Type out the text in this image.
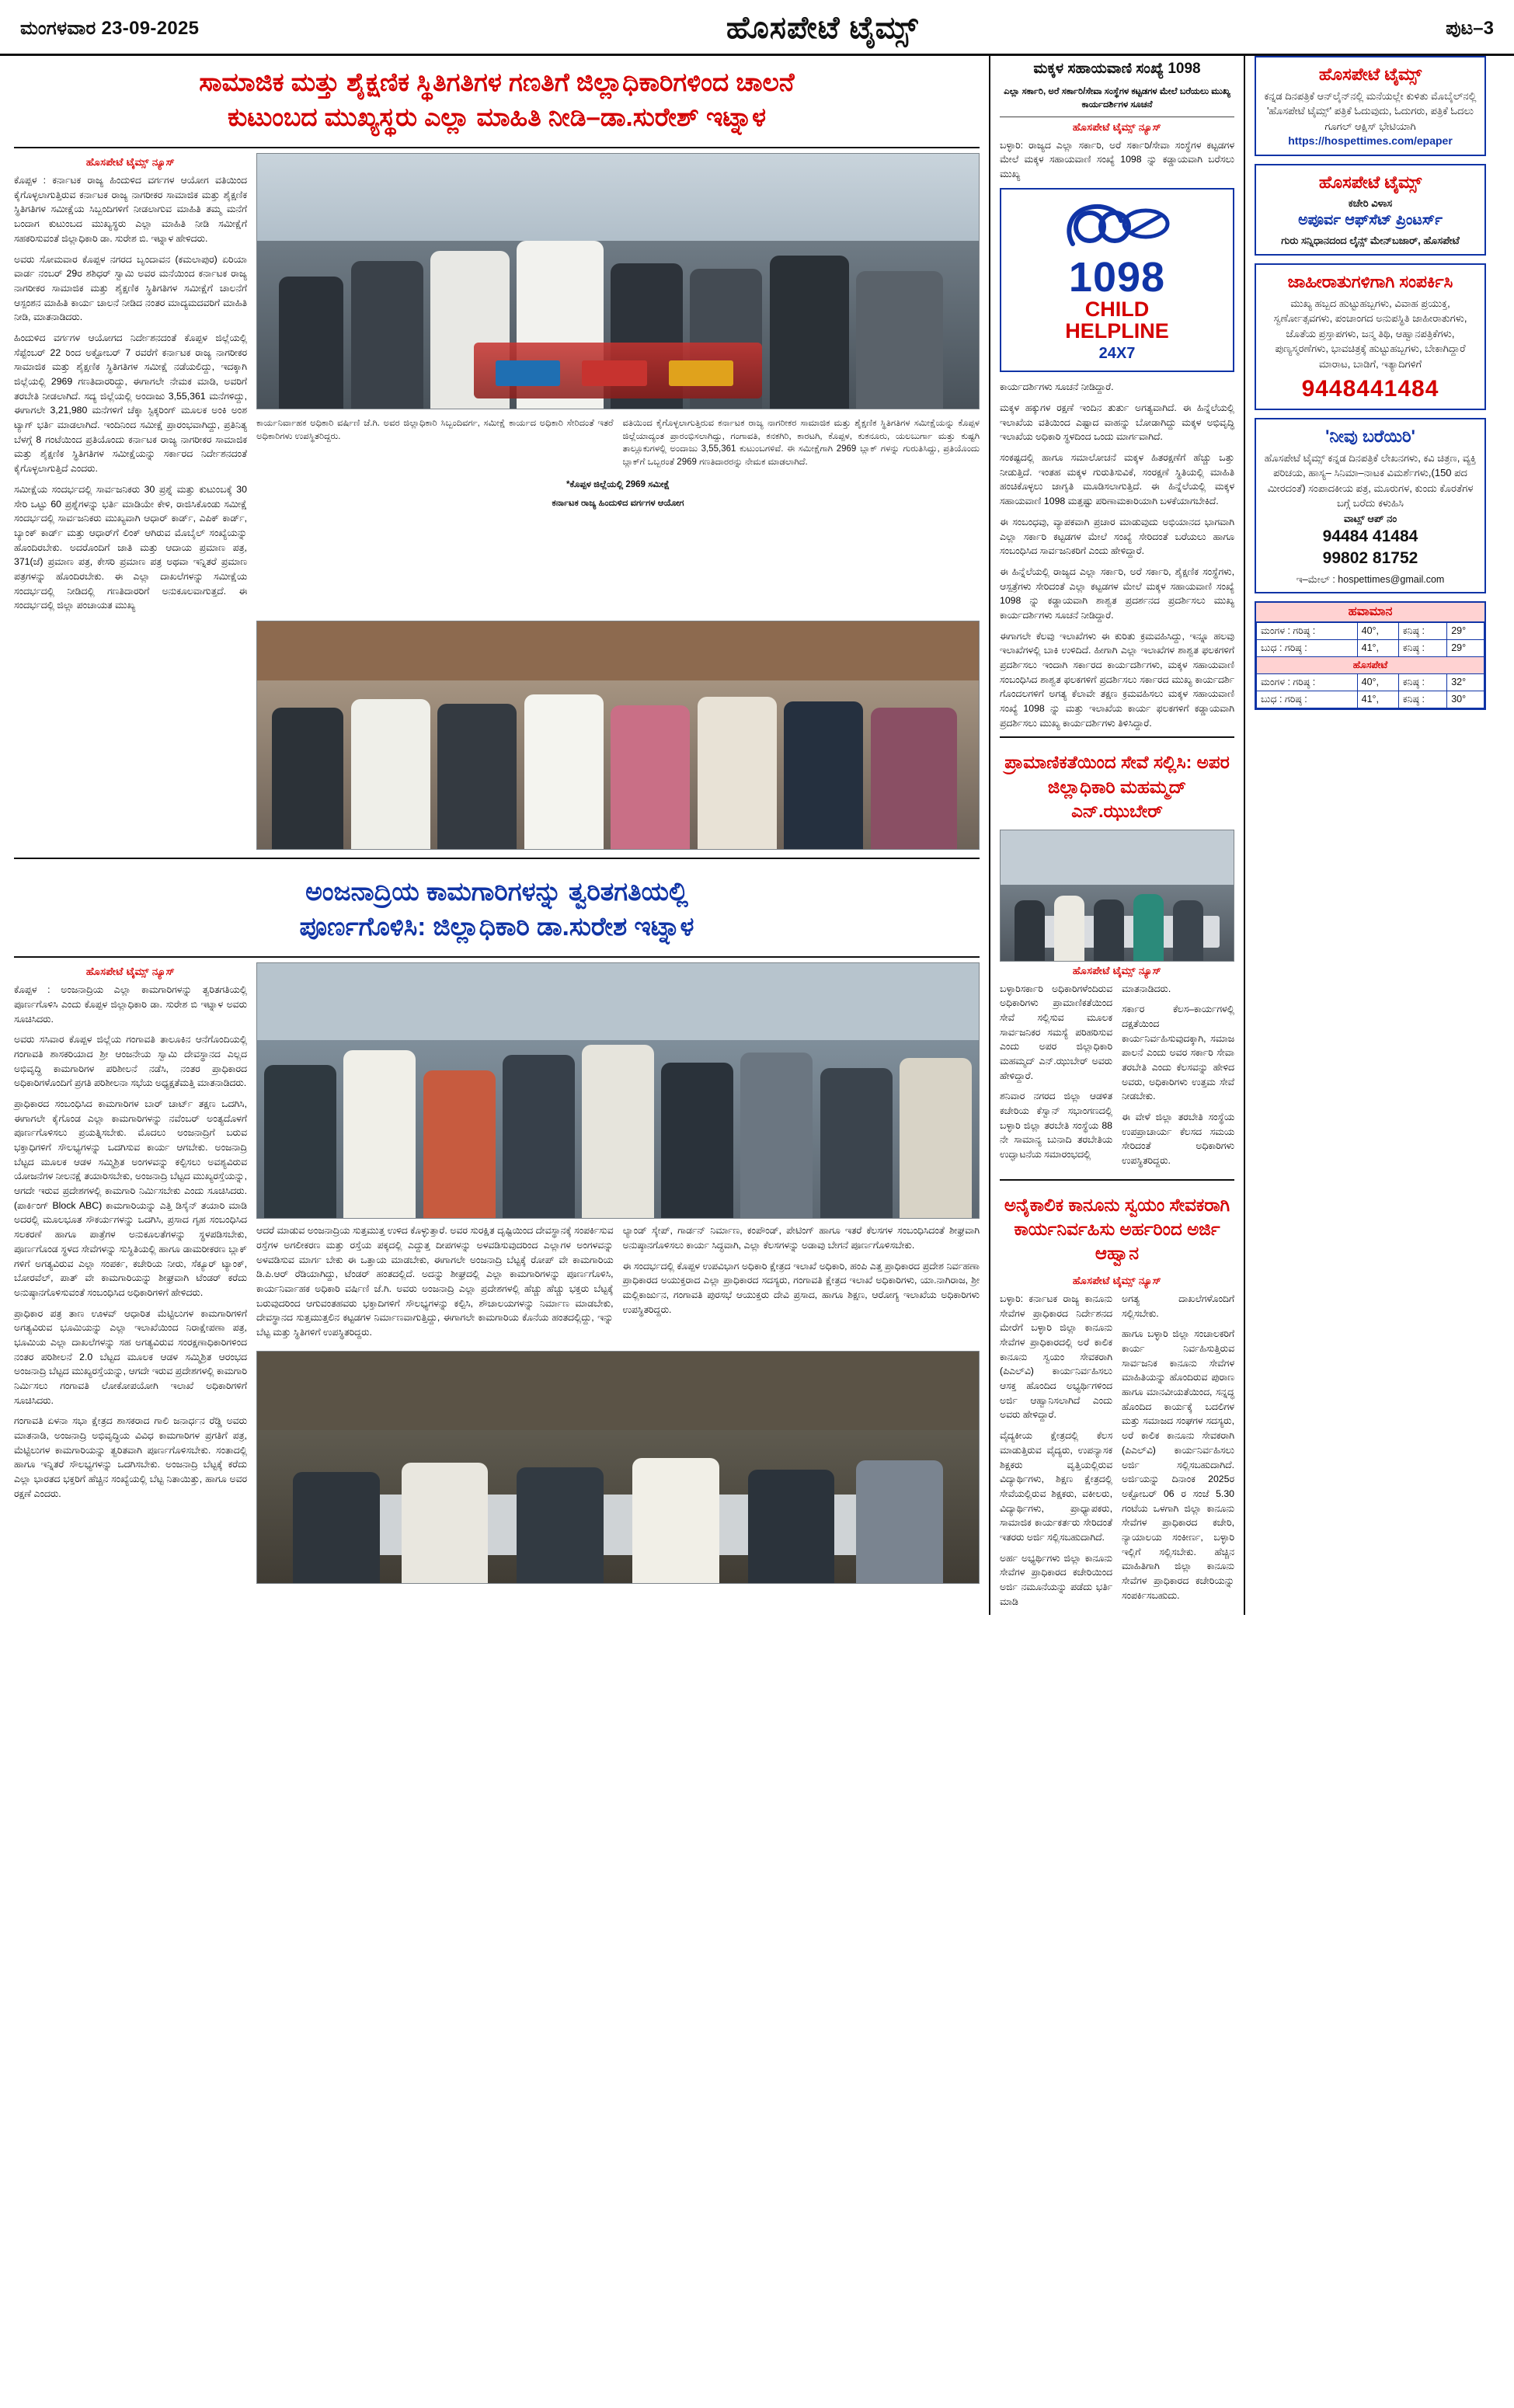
ಮಂಗಳವಾರ 23-09-2025	ಹೊಸಪೇಟೆ ಟೈಮ್ಸ್	ಪುಟ–3
ಸಾಮಾಜಿಕ ಮತ್ತು ಶೈಕ್ಷಣಿಕ ಸ್ಥಿತಿಗತಿಗಳ ಗಣತಿಗೆ ಜಿಲ್ಲಾಧಿಕಾರಿಗಳಿಂದ ಚಾಲನೆ
ಕುಟುಂಬದ ಮುಖ್ಯಸ್ಥರು ಎಲ್ಲಾ ಮಾಹಿತಿ ನೀಡಿ–ಡಾ.ಸುರೇಶ್ ಇಟ್ನಾಳ
ಹೊಸಪೇಟೆ ಟೈಮ್ಸ್ ನ್ಯೂಸ್

ಕೊಪ್ಪಳ : ಕರ್ನಾಟಕ ರಾಜ್ಯ ಹಿಂದುಳಿದ ವರ್ಗಗಳ ಆಯೋಗ ವತಿಯಿಂದ ಕೈಗೊಳ್ಳಲಾಗುತ್ತಿರುವ ಕರ್ನಾಟಕ ರಾಜ್ಯ ನಾಗರೀಕರ ಸಾಮಾಜಿಕ ಮತ್ತು ಶೈಕ್ಷಣಿಕ ಸ್ಥಿತಿಗತಿಗಳ ಸಮೀಕ್ಷೆಯ ಸಿಬ್ಬಂದಿಗಳಿಗೆ ನೀಡಲಾಗುವ ಮಾಹಿತಿ ತಮ್ಮ ಮನೆಗೆ ಬಂದಾಗ ಕುಟುಂಬದ ಮುಖ್ಯಸ್ಥರು ಎಲ್ಲಾ ಮಾಹಿತಿ ನೀಡಿ ಸಮೀಕ್ಷೆಗೆ ಸಹಕರಿಸುವಂತೆ ಜಿಲ್ಲಾಧಿಕಾರಿ ಡಾ. ಸುರೇಶ ಬಿ. ಇಟ್ನಾಳ ಹೇಳಿದರು.

ಅವರು ಸೋಮವಾರ ಕೊಪ್ಪಳ ನಗರದ ಬೃಂದಾವನ (ಕಮಲಾಪುರ) ಏರಿಯಾ ವಾರ್ಡ ನಂಬರ್ 29ರ ಶಶಿಧರ್ ಸ್ವಾಮಿ ಅವರ ಮನೆಯಿಂದ ಕರ್ನಾಟಕ ರಾಜ್ಯ ನಾಗರೀಕರ ಸಾಮಾಜಿಕ ಮತ್ತು ಶೈಕ್ಷಣಿಕ ಸ್ಥಿತಿಗತಿಗಳ ಸಮೀಕ್ಷೆಗೆ ಚಾಲನೆಗೆ ಆಸ್ಪಂಶನ ಮಾಹಿತಿ ಕಾರ್ಯ ಚಾಲನೆ ನೀಡಿದ ನಂತರ ಮಾದ್ಯಮದವರಿಗೆ ಮಾಹಿತಿ ನೀಡಿ, ಮಾತನಾಡಿದರು.

ಹಿಂದುಳಿದ ವರ್ಗಗಳ ಆಯೋಗದ ನಿರ್ದೇಶನದಂತೆ ಕೊಪ್ಪಳ ಜಿಲ್ಲೆಯಲ್ಲಿ ಸೆಪ್ಟೆಂಬರ್ 22 ರಿಂದ ಅಕ್ಟೋಬರ್ 7 ರವರೆಗೆ ಕರ್ನಾಟಕ ರಾಜ್ಯ ನಾಗರೀಕರ ಸಾಮಾಜಿಕ ಮತ್ತು ಶೈಕ್ಷಣಿಕ ಸ್ಥಿತಿಗತಿಗಳ ಸಮೀಕ್ಷೆ ನಡೆಯಲಿದ್ದು, ಇದಕ್ಕಾಗಿ ಜಿಲ್ಲೆಯಲ್ಲಿ 2969 ಗಣತಿದಾರರಿದ್ದು, ಈಗಾಗಲೇ ನೇಮಕ ಮಾಡಿ, ಅವರಿಗೆ ತರಬೇತಿ ನೀಡಲಾಗಿದೆ. ಸದ್ಯ ಜಿಲ್ಲೆಯಲ್ಲಿ ಅಂದಾಜು 3,55,361 ಮನೆಗಳಿದ್ದು, ಈಗಾಗಲೇ 3,21,980 ಮನೆಗಳಿಗೆ ಚೆಕ್ಕಾ ಸ್ಟಿಕ್ಕರಿಂಗ್ ಮೂಲಕ ಅಂಕಿ ಅಂಶ ಟ್ಯಾಗ್ ಭರ್ತಿ ಮಾಡಲಾಗಿದೆ. ಇಂದಿನಿಂದ ಸಮೀಕ್ಷೆ ಪ್ರಾರಂಭವಾಗಿದ್ದು, ಪ್ರತಿನಿತ್ಯ ಬೆಳಗ್ಗೆ 8 ಗಂಟೆಯಿಂದ ಪ್ರತಿಯೊಂದು ಕರ್ನಾಟಕ ರಾಜ್ಯ ನಾಗರೀಕರ ಸಾಮಾಜಿಕ ಮತ್ತು ಶೈಕ್ಷಣಿಕ ಸ್ಥಿತಿಗತಿಗಳ ಸಮೀಕ್ಷೆಯನ್ನು ಸರ್ಕಾರದ ನಿರ್ದೇಶನದಂತೆ ಕೈಗೊಳ್ಳಲಾಗುತ್ತಿದೆ ಎಂದರು.

ಸಮೀಕ್ಷೆಯ ಸಂದರ್ಭದಲ್ಲಿ ಸಾರ್ವಜನಿಕರು 30 ಪ್ರಶ್ನೆ ಮತ್ತು ಕುಟುಂಬಕ್ಕೆ 30 ಸೇರಿ ಒಟ್ಟು 60 ಪ್ರಶ್ನೆಗಳನ್ನು ಭರ್ತಿ ಮಾಡಿಯೇ ಕೇಳಿ, ರಾಜಿಸಿಕೊಂಡು ಸಮೀಕ್ಷೆ ಸಂದರ್ಭದಲ್ಲಿ ಸಾರ್ವಜನಿಕರು ಮುಖ್ಯವಾಗಿ ಆಧಾರ್ ಕಾರ್ಡ್, ಎಪಿಕ್ ಕಾರ್ಡ್, ಬ್ಯಾಂಕ್ ಕಾರ್ಡ್ ಮತ್ತು ಆಧಾರ್‌ಗೆ ಲಿಂಕ್ ಆಗಿರುವ ಮೊಬೈಲ್ ಸಂಖ್ಯೆಯನ್ನು ಹೊಂದಿರಬೇಕು. ಅದರೊಂದಿಗೆ ಜಾತಿ ಮತ್ತು ಆದಾಯ ಪ್ರಮಾಣ ಪತ್ರ, 371(ಜೆ) ಪ್ರಮಾಣ ಪತ್ರ, ಕೇಸರಿ ಪ್ರಮಾಣ ಪತ್ರ ಅಥವಾ ಇನ್ನಿತರೆ ಪ್ರಮಾಣ ಪತ್ರಗಳನ್ನು ಹೊಂದಿರಬೇಕು. ಈ ಎಲ್ಲಾ ದಾಖಲೆಗಳನ್ನು ಸಮೀಕ್ಷೆಯ ಸಂದರ್ಭದಲ್ಲಿ ನೀಡಿದಲ್ಲಿ ಗಣತಿದಾರರಿಗೆ ಅನುಕೂಲವಾಗುತ್ತದೆ. ಈ ಸಂದರ್ಭದಲ್ಲಿ ಜಿಲ್ಲಾ ಪಂಚಾಯತ ಮುಖ್ಯ

ಕಾರ್ಯನಿರ್ವಾಹಕ ಅಧಿಕಾರಿ ವರ್ಷಿಣಿ ಜೆ.ಗಿ. ಅವರ ಜಿಲ್ಲಾಧಿಕಾರಿ ಸಿಬ್ಬಂದಿವರ್ಗ, ಸಮೀಕ್ಷೆ ಕಾರ್ಯದ ಅಧಿಕಾರಿ ಸೇರಿದಂತೆ ಇತರೆ ಅಧಿಕಾರಿಗಳು ಉಪಸ್ಥಿತರಿದ್ದರು.
ವತಿಯಿಂದ ಕೈಗೊಳ್ಳಲಾಗುತ್ತಿರುವ ಕರ್ನಾಟಕ ರಾಜ್ಯ ನಾಗರೀಕರ ಸಾಮಾಜಿಕ ಮತ್ತು ಶೈಕ್ಷಣಿಕ ಸ್ಥಿತಿಗತಿಗಳ ಸಮೀಕ್ಷೆಯನ್ನು ಕೊಪ್ಪಳ ಜಿಲ್ಲೆಯಾದ್ಯಂತ ಪ್ರಾರಂಭಿಸಲಾಗಿದ್ದು, ಗಂಗಾವತಿ, ಕನಕಗಿರಿ, ಕಾರಟಗಿ, ಕೊಪ್ಪಳ, ಕುಕನೂರು, ಯಲಬುರ್ಗಾ ಮತ್ತು ಕುಷ್ಟಗಿ ತಾಲ್ಲೂಕುಗಳಲ್ಲಿ ಅಂದಾಜು 3,55,361 ಕುಟುಂಬಗಳಿವೆ. ಈ ಸಮೀಕ್ಷೆಗಾಗಿ 2969 ಬ್ಲಾಕ್ ಗಳನ್ನು ಗುರುತಿಸಿದ್ದು, ಪ್ರತಿಯೊಂದು ಬ್ಲಾಕ್‌ಗೆ ಒಬ್ಬರಂತೆ 2969 ಗಣತಿದಾರರನ್ನು ನೇಮಕ ಮಾಡಲಾಗಿದೆ.
*ಕೊಪ್ಪಳ ಜಿಲ್ಲೆಯಲ್ಲಿ 2969 ಸಮೀಕ್ಷೆ
ಕರ್ನಾಟಕ ರಾಜ್ಯ ಹಿಂದುಳಿದ ವರ್ಗಗಳ ಆಯೋಗ

ಅಂಜನಾದ್ರಿಯ ಕಾಮಗಾರಿಗಳನ್ನು ತ್ವರಿತಗತಿಯಲ್ಲಿ
ಪೂರ್ಣಗೊಳಿಸಿ: ಜಿಲ್ಲಾಧಿಕಾರಿ ಡಾ.ಸುರೇಶ ಇಟ್ನಾಳ
ಹೊಸಪೇಟೆ ಟೈಮ್ಸ್ ನ್ಯೂಸ್

ಕೊಪ್ಪಳ : ಅಂಜನಾದ್ರಿಯ ಎಲ್ಲಾ ಕಾಮಗಾರಿಗಳನ್ನು ತ್ವರಿತಗತಿಯಲ್ಲಿ ಪೂರ್ಣಗೊಳಿಸಿ ಎಂದು ಕೊಪ್ಪಳ ಜಿಲ್ಲಾಧಿಕಾರಿ ಡಾ. ಸುರೇಶ ಬಿ ಇಟ್ನಾಳ ಅವರು ಸೂಚಿಸಿದರು.

ಅವರು ಸಸಿವಾರ ಕೊಪ್ಪಳ ಜಿಲ್ಲೆಯ ಗಂಗಾವತಿ ತಾಲೂಕಿನ ಆನೆಗೊಂದಿಯಲ್ಲಿ ಗಂಗಾವತಿ ಶಾಸಕರಿಯಾದ ಶ್ರೀ ಆಂಜನೇಯ ಸ್ವಾಮಿ ದೇವಸ್ಥಾನದ ಎಲ್ಲದ ಅಭಿವೃದ್ಧಿ ಕಾಮಗಾರಿಗಳ ಪರಿಶೀಲನೆ ನಡೆಸಿ, ನಂತರ ಪ್ರಾಧಿಕಾರದ ಅಧಿಕಾರಿಗಳೊಂದಿಗೆ ಪ್ರಗತಿ ಪರಿಶೀಲನಾ ಸಭೆಯ ಅಧ್ಯಕ್ಷತೆಮತ್ತಿ ಮಾತನಾಡಿದರು.

ಪ್ರಾಧಿಕಾರದ ಸಂಬಂಧಿಸಿದ ಕಾಮಗಾರಿಗಳ ಬಾರ್ ಚಾರ್ಟ್ ತಕ್ಷಣ ಒದಗಿಸಿ, ಈಗಾಗಲೇ ಕೈಗೊಂಡ ಎಲ್ಲಾ ಕಾಮಗಾರಿಗಳನ್ನು ನವೆಂಬರ್ ಅಂತ್ಯದೊಳಗೆ ಪೂರ್ಣಗೊಳಿಸಲು ಪ್ರಯತ್ನಿಸಬೇಕು. ಮೊದಲು ಅಂಜನಾದ್ರಿಗೆ ಬರುವ ಭಕ್ತಾಧಿಗಳಿಗೆ ಸೌಲಭ್ಯಗಳನ್ನು ಒದಗಿಸುವ ಕಾರ್ಯ ಆಗಬೇಕು. ಅಂಜನಾದ್ರಿ ಬೆಟ್ಟದ ಮೂಲಕ ಆಡಳ ಸಮ್ಮಿಶ್ರಿತ ಅಂಗಳವನ್ನು ಕಲ್ಪಿಸಲು ಅವಶ್ಯವಿರುವ ಯೋಜನೆಗಳ ನೀಲನಕ್ಷೆ ತಯಾರಿಸಬೇಕು, ಅಂಜನಾದ್ರಿ ಬೆಟ್ಟದ ಮುಖ್ಯರಸ್ತೆಯನ್ನು, ಆಗದೇ ಇರುವ ಪ್ರದೇಶಗಳಲ್ಲಿ ಕಾಮಗಾರಿ ನಿರ್ಮಿಸಬೇಕು ಎಂದು ಸೂಚಿಸಿದರು. (ಪಾರ್ಕಿಂಗ್ Block ABC) ಕಾಮಗಾರಿಯನ್ನು ಎತ್ತಿ ಡಿಸೈನ್ ತಯಾರಿ ಮಾಡಿ ಅದರಲ್ಲಿ ಮೂಲಭೂತ ಸೌಕರ್ಯಗಳನ್ನು ಒದಗಿಸಿ, ಪ್ರಸಾದ ಗೃಹ ಸಂಬಂಧಿಸಿದ ಸಲಕರಣೆ ಹಾಗೂ ಪಾತ್ರೆಗಳ ಅನುಕೂಲತೆಗಳನ್ನು ಸ್ಥಳಪಡಿಸಬೇಕು, ಪೂರ್ಣಗೊಂಡ ಸ್ಥಳದ ಸೇವೆಗಳನ್ನು ಸುಸ್ಥಿತಿಯಲ್ಲಿ ಹಾಗೂ ಡಾಮರೀಕರಣ ಬ್ಲಾಕ್ ಗಳಿಗೆ ಅಗತ್ಯವಿರುವ ಎಲ್ಲಾ ಸಂಪರ್ಕ, ಕಚೇರಿಯ ನೀರು, ಸೆಕ್ಯೂರ್ ಟ್ಯಾಂಕ್, ಬೋರವೆಲ್, ಪಾತ್ ವೇ ಕಾಮಗಾರಿಯನ್ನು ಶೀಘ್ರವಾಗಿ ಟೆಂಡರ್ ಕರೆದು ಅನುಷ್ಠಾನಗೊಳಿಸುವಂತೆ ಸಂಬಂಧಿಸಿದ ಅಧಿಕಾರಿಗಳಿಗೆ ಹೇಳಿದರು.

ಪ್ರಾಧಿಕಾರ ಪತ್ರ ತಾಣ ಊಳವ್ ಆಧಾರಿತ ಮೆಟ್ಟಿಲುಗಳ ಕಾಮಗಾರಿಗಳಿಗೆ ಅಗತ್ಯವಿರುವ ಭೂಮಿಯನ್ನು ಎಲ್ಲಾ ಇಲಾಖೆಯಿಂದ ನಿರಾಕ್ಷೇಪಣಾ ಪತ್ರ, ಭೂಮಿಯ ಎಲ್ಲಾ ದಾಖಲೆಗಳನ್ನು ಸಹ ಅಗತ್ಯವಿರುವ ಸಂರಕ್ಷಣಾಧಿಕಾರಿಗಳಿಂದ ನಂತರ ಪರಿಶೀಲನೆ 2.0 ಬೆಟ್ಟದ ಮೂಲಕ ಆಡಳ ಸಮ್ಮಿಶ್ರಿತ ಆರಂಭದ ಅಂಜನಾದ್ರಿ ಬೆಟ್ಟದ ಮುಖ್ಯರಸ್ತೆಯನ್ನು, ಆಗದೇ ಇರುವ ಪ್ರದೇಶಗಳಲ್ಲಿ ಕಾಮಗಾರಿ ನಿರ್ಮಿಸಲು ಗಂಗಾವತಿ ಲೋಕೋಪಯೋಗಿ ಇಲಾಖೆ ಅಧಿಕಾರಿಗಳಿಗೆ ಸೂಚಿಸಿದರು.

ಗಂಗಾವತಿ ಏಳನಾ ಸಭಾ ಕ್ಷೇತ್ರದ ಶಾಸಕರಾದ ಗಾಲಿ ಜನಾರ್ಧನ ರೆಡ್ಡಿ ಅವರು ಮಾತನಾಡಿ, ಅಂಜನಾದ್ರಿ ಅಭಿವೃದ್ಧಿಯ ವಿವಿಧ ಕಾಮಗಾರಿಗಳ ಪ್ರಗತಿಗೆ ಪತ್ರ, ಮೆಟ್ಟಿಲುಗಳ ಕಾಮಗಾರಿಯನ್ನು ತ್ವರಿತವಾಗಿ ಪೂರ್ಣಗೊಳಿಸಬೇಕು. ಸಂತಾದಲ್ಲಿ ಹಾಗೂ ಇನ್ನಿತರೆ ಸೌಲಭ್ಯಗಳನ್ನು ಒದಗಿಸಬೇಕು. ಅಂಜನಾದ್ರಿ ಬೆಟ್ಟಕ್ಕೆ ಕರೆದು ಎಲ್ಲಾ ಭಾರತದ ಭಕ್ತರಿಗೆ ಹೆಚ್ಚಿನ ಸಂಖ್ಯೆಯಲ್ಲಿ ಬೆಟ್ಟ ನಿತಾಯಿತ್ತು, ಹಾಗೂ ಅವರ ರಕ್ಷಣೆ ಎಂದರು.

ಆದರೆ ಮಾಡುವ ಅಂಜನಾದ್ರಿಯ ಸುತ್ತಮುತ್ತ ಉಳಿದ ಕೊಳ್ಳುತ್ತಾರೆ. ಅವರ ಸುರಕ್ಷಿತ ದೃಷ್ಟಿಯಿಂದ ದೇವಸ್ಥಾನಕ್ಕೆ ಸಂಪರ್ಕಿಸುವ ರಸ್ತೆಗಳ ಅಗಲೀಕರಣ ಮತ್ತು ರಸ್ತೆಯ ಪಕ್ಕದಲ್ಲಿ ಎದ್ದುತ್ತ ದೀಪಗಳನ್ನು ಅಳವಡಿಸುವುದರಿಂದ ಎಲ್ಲಾಗಳ ಅಂಗಳವನ್ನು ಅಳವಡಿಸುವ ಮಾರ್ಗ ಬೇಕು ಈ ಒತ್ತಾಯ ಮಾಡಬೇಕು, ಈಗಾಗಲೇ ಅಂಜನಾದ್ರಿ ಬೆಟ್ಟಕ್ಕೆ ರೋಪ್ ವೇ ಕಾಮಗಾರಿಯ ಡಿ.ಪಿ.ಆರ್ ರೆಡಿಯಾಗಿದ್ದು, ಟೆಂಡರ್ ಹಂತದಲ್ಲಿದೆ. ಅದನ್ನು ಶೀಘ್ರದಲ್ಲಿ ಎಲ್ಲಾ ಕಾಮಗಾರಿಗಳನ್ನು ಪೂರ್ಣಗೊಳಿಸಿ, ಕಾರ್ಯನಿರ್ವಾಹಕ ಅಧಿಕಾರಿ ವರ್ಷಿಣಿ ಜೆ.ಗಿ. ಅವರು ಅಂಜನಾದ್ರಿ ಎಲ್ಲಾ ಪ್ರದೇಶಗಳಲ್ಲಿ ಹೆಚ್ಚು ಹೆಚ್ಚು ಭಕ್ತರು ಬೆಟ್ಟಕ್ಕೆ ಬರುವುದರಿಂದ ಆಗುವಂತಹವರು ಭಕ್ತಾದಿಗಳಿಗೆ ಸೌಲಭ್ಯಗಳನ್ನು ಕಲ್ಪಿಸಿ, ಶೌಚಾಲಯಗಳನ್ನು ನಿರ್ಮಾಣ ಮಾಡಬೇಕು, ದೇವಸ್ಥಾನದ ಸುತ್ತಮುತ್ತಲಿನ ಕಟ್ಟಡಗಳ ನಿರ್ಮಾಣವಾಗುತ್ತಿದ್ದು, ಈಗಾಗಲೇ ಕಾಮಗಾರಿಯ ಕೊನೆಯ ಹಂತದಲ್ಲಿದ್ದು, ಇನ್ನು ಬೆಟ್ಟ ಮತ್ತು ಸ್ಥಿತಿಗಳಿಗೆ ಉಪಸ್ಥಿತರಿದ್ದರು.

ಲ್ಯಾಂಡ್ ಸ್ಕೇಪ್, ಗಾರ್ಡನ್ ನಿರ್ಮಾಣ, ಕಂಪೌಂಡ್, ಪೇಟಿಂಗ್ ಹಾಗೂ ಇತರೆ ಕೆಲಸಗಳ ಸಂಬಂಧಿಸಿದಂತೆ ಶೀಘ್ರವಾಗಿ ಅನುಷ್ಠಾನಗೊಳಿಸಲು ಕಾರ್ಯ ಸಿದ್ಧವಾಗಿ, ಎಲ್ಲಾ ಕೆಲಸಗಳನ್ನು ಅಡಾವು ಬೇಗನೆ ಪೂರ್ಣಗೊಳಿಸಬೇಕು.

ಈ ಸಂದರ್ಭದಲ್ಲಿ ಕೊಪ್ಪಳ ಉಪವಿಭಾಗ ಅಧಿಕಾರಿ ಕ್ಷೇತ್ರದ ಇಲಾಖೆ ಅಧಿಕಾರಿ, ಹಂಪಿ ಎತ್ತ ಪ್ರಾಧಿಕಾರದ ಪ್ರದೇಶ ನಿರ್ವಹಣಾ ಪ್ರಾಧಿಕಾರದ ಅಯುಕ್ತರಾದ ಎಲ್ಲಾ ಪ್ರಾಧಿಕಾರದ ಸದಸ್ಯರು, ಗಂಗಾವತಿ ಕ್ಷೇತ್ರದ ಇಲಾಖೆ ಅಧಿಕಾರಿಗಳು, ಯಾ.ನಾಗಿರಾಜ, ಶ್ರೀ ಮಲ್ಲಿಕಾರ್ಜುನ, ಗಂಗಾವತಿ ಪುರಸಭೆ ಆಯುಕ್ತರು ದೇವಿ ಪ್ರಸಾದ, ಹಾಗೂ ಶಿಕ್ಷಣ, ಆರೋಗ್ಯ ಇಲಾಖೆಯ ಅಧಿಕಾರಿಗಳು ಉಪಸ್ಥಿತರಿದ್ದರು.

ಮಕ್ಕಳ ಸಹಾಯವಾಣಿ ಸಂಖ್ಯೆ 1098
ಎಲ್ಲಾ ಸರ್ಕಾರಿ, ಅರೆ ಸರ್ಕಾರಿ/ಸೇವಾ ಸಂಸ್ಥೆಗಳ ಕಟ್ಟಡಗಳ ಮೇಲೆ ಬರೆಯಲು ಮುಖ್ಯ ಕಾರ್ಯದರ್ಶಿಗಳ ಸೂಚನೆ
ಹೊಸಪೇಟೆ ಟೈಮ್ಸ್ ನ್ಯೂಸ್

ಬಳ್ಳಾರಿ: ರಾಜ್ಯದ ಎಲ್ಲಾ ಸರ್ಕಾರಿ, ಅರೆ ಸರ್ಕಾರಿ/ಸೇವಾ ಸಂಸ್ಥೆಗಳ ಕಟ್ಟಡಗಳ ಮೇಲೆ ಮಕ್ಕಳ ಸಹಾಯವಾಣಿ ಸಂಖ್ಯೆ 1098 ನ್ನು ಕಡ್ಡಾಯವಾಗಿ ಬರೆಸಲು ಮುಖ್ಯ

1098
CHILD
HELPLINE
24X7

ಕಾರ್ಯದರ್ಶಿಗಳು ಸೂಚನೆ ನೀಡಿದ್ದಾರೆ.

ಮಕ್ಕಳ ಹಕ್ಕುಗಳ ರಕ್ಷಣೆ ಇಂದಿನ ತುರ್ತು ಅಗತ್ಯವಾಗಿದೆ. ಈ ಹಿನ್ನೆಲೆಯಲ್ಲಿ ಇಲಾಖೆಯ ವತಿಯಿಂದ ಎಷ್ಟಾದ ವಾಹನ್ನು ಬೋಡಾಗಿದ್ದು ಮಕ್ಕಳ ಅಭಿವೃದ್ಧಿ ಇಲಾಖೆಯ ಅಧಿಕಾರಿ ಸ್ಥಳದಿಂದ ಒಂದು ಮಾರ್ಗವಾಗಿದೆ.

ಸಂಕಷ್ಟದಲ್ಲಿ ಹಾಗೂ ಸಮಾಲೋಚನೆ ಮಕ್ಕಳ ಹಿತರಕ್ಷಣೆಗೆ ಹೆಚ್ಚು ಒತ್ತು ನೀಡುತ್ತಿದೆ. ಇಂತಹ ಮಕ್ಕಳ ಗುರುತಿಸುವಿಕೆ, ಸಂರಕ್ಷಣೆ ಸ್ಥಿತಿಯಲ್ಲಿ ಮಾಹಿತಿ ಹಂಚಿಕೊಳ್ಳಲು ಜಾಗೃತಿ ಮೂಡಿಸಲಾಗುತ್ತಿದೆ. ಈ ಹಿನ್ನೆಲೆಯಲ್ಲಿ ಮಕ್ಕಳ ಸಹಾಯವಾಣಿ 1098 ಮತ್ತಷ್ಟು ಪರಿಣಾಮಕಾರಿಯಾಗಿ ಬಳಕೆಯಾಗಬೇಕಿದೆ.

ಈ ಸಂಬಂಧವು, ವ್ಯಾಪಕವಾಗಿ ಪ್ರಚಾರ ಮಾಡುವುದು ಅಭಿಯಾನದ ಭಾಗವಾಗಿ ಎಲ್ಲಾ ಸರ್ಕಾರಿ ಕಟ್ಟಡಗಳ ಮೇಲೆ ಸಂಖ್ಯೆ ಸೇರಿದಂತೆ ಬರೆಯಲು ಹಾಗೂ ಸಂಬಂಧಿಸಿದ ಸಾರ್ವಜನಿಕರಿಗೆ ಎಂದು ಹೇಳಿದ್ದಾರೆ.

ಈ ಹಿನ್ನೆಲೆಯಲ್ಲಿ ರಾಜ್ಯದ ಎಲ್ಲಾ ಸರ್ಕಾರಿ, ಅರೆ ಸರ್ಕಾರಿ, ಶೈಕ್ಷಣಿಕ ಸಂಸ್ಥೆಗಳು, ಆಸ್ಪತ್ರೆಗಳು ಸೇರಿದಂತೆ ಎಲ್ಲಾ ಕಟ್ಟಡಗಳ ಮೇಲೆ ಮಕ್ಕಳ ಸಹಾಯವಾಣಿ ಸಂಖ್ಯೆ 1098 ನ್ನು ಕಡ್ಡಾಯವಾಗಿ ಶಾಶ್ವತ ಪ್ರದರ್ಶನದ ಪ್ರದರ್ಶಿಸಲು ಮುಖ್ಯ ಕಾರ್ಯದರ್ಶಿಗಳು ಸೂಚನೆ ನೀಡಿದ್ದಾರೆ.

ಈಗಾಗಲೇ ಕೆಲವು ಇಲಾಖೆಗಳು ಈ ಕುರಿತು ಕ್ರಮವಹಿಸಿದ್ದು, ಇನ್ನೂ ಹಲವು ಇಲಾಖೆಗಳಲ್ಲಿ ಬಾಕಿ ಉಳಿದಿದೆ. ಹೀಗಾಗಿ ಎಲ್ಲಾ ಇಲಾಖೆಗಳ ಶಾಶ್ವತ ಫಲಕಗಳಿಗೆ ಪ್ರದರ್ಶಿಸಲು ಇಂದಾಗಿ ಸರ್ಕಾರದ ಕಾರ್ಯದರ್ಶಿಗಳು, ಮಕ್ಕಳ ಸಹಾಯವಾಣಿ ಸಂಬಂಧಿಸಿದ ಶಾಶ್ವತ ಫಲಕಗಳಿಗೆ ಪ್ರದರ್ಶಿಸಲು ಸರ್ಕಾರದ ಮುಖ್ಯ ಕಾರ್ಯದರ್ಶಿ ಗೊಂದಲಗಳಿಗೆ ಅಗತ್ಯ ಕೆಲಾವೇ ತಕ್ಷಣ ಕ್ರಮವಹಿಸಲು ಮಕ್ಕಳ ಸಹಾಯವಾಣಿ ಸಂಖ್ಯೆ 1098 ನ್ನು ಮತ್ತು ಇಲಾಖೆಯ ಕಾರ್ಯ ಫಲಕಗಳಿಗೆ ಕಡ್ಡಾಯವಾಗಿ ಪ್ರದರ್ಶಿಸಲು ಮುಖ್ಯ ಕಾರ್ಯದರ್ಶಿಗಳು ತಿಳಿಸಿದ್ದಾರೆ.

ಪ್ರಾಮಾಣಿಕತೆಯಿಂದ ಸೇವೆ ಸಲ್ಲಿಸಿ: ಅಪರ ಜಿಲ್ಲಾಧಿಕಾರಿ ಮಹಮ್ಮದ್ ಎನ್.ಝುಬೇರ್
ಹೊಸಪೇಟೆ ಟೈಮ್ಸ್ ನ್ಯೂಸ್

ಬಳ್ಳಾರಿಸರ್ಕಾರಿ ಅಧಿಕಾರಿಗಳೆಂದಿರುವ ಅಧಿಕಾರಿಗಳು ಪ್ರಾಮಾಣಿಕತೆಯಿಂದ ಸೇವೆ ಸಲ್ಲಿಸುವ ಮೂಲಕ ಸಾರ್ವಜನಿಕರ ಸಮಸ್ಯೆ ಪರಿಹರಿಸುವ ಎಂದು ಅಪರ ಜಿಲ್ಲಾಧಿಕಾರಿ ಮಹಮ್ಮದ್ ಎನ್.ಝುಬೇರ್ ಅವರು ಹೇಳಿದ್ದಾರೆ.

ಶನಿವಾರ ನಗರದ ಜಿಲ್ಲಾ ಆಡಳಿತ ಕಚೇರಿಯ ಕೆಸ್ವಾನ್ ಸಭಾಂಗಣದಲ್ಲಿ ಬಳ್ಳಾರಿ ಜಿಲ್ಲಾ ತರಬೇತಿ ಸಂಸ್ಥೆಯ 88 ನೇ ಸಾಮಾನ್ಯ ಬುನಾದಿ ತರಬೇತಿಯ ಉದ್ಘಾಟನೆಯ ಸಮಾರಂಭದಲ್ಲಿ

ಮಾತನಾಡಿದರು.

ಸರ್ಕಾರ ಕೆಲಸ–ಕಾರ್ಯಗಳಲ್ಲಿ ದಕ್ಷತೆಯಿಂದ ಕಾರ್ಯನಿರ್ವಹಿಸುವುದಕ್ಕಾಗಿ, ಸಮಾಜ ಪಾಲನೆ ಎಂದು ಅವರ ಸರ್ಕಾರಿ ಸೇವಾ ತರಬೇತಿ ಎಂದು ಕೆಲಸವನ್ನು ಹೇಳಿದ ಅವರು, ಅಧಿಕಾರಿಗಳು ಉತ್ತಮ ಸೇವೆ ನೀಡಬೇಕು.

ಈ ವೇಳೆ ಜಿಲ್ಲಾ ತರಬೇತಿ ಸಂಸ್ಥೆಯ ಉಪಪ್ರಾಚಾರ್ಯ ಕೆಲಸದ ಸಮಯ ಸೇರಿದಂತೆ ಅಧಿಕಾರಿಗಳು ಉಪಸ್ಥಿತರಿದ್ದರು.

ಅನೈಕಾಲಿಕ ಕಾನೂನು ಸ್ವಯಂ ಸೇವಕರಾಗಿ ಕಾರ್ಯನಿರ್ವಹಿಸು ಅರ್ಹರಿಂದ ಅರ್ಜಿ ಆಹ್ವಾನ
ಹೊಸಪೇಟೆ ಟೈಮ್ಸ್ ನ್ಯೂಸ್

ಬಳ್ಳಾರಿ: ಕರ್ನಾಟಕ ರಾಜ್ಯ ಕಾನೂನು ಸೇವೆಗಳ ಪ್ರಾಧಿಕಾರದ ನಿರ್ದೇಶನದ ಮೇರೆಗೆ ಬಳ್ಳಾರಿ ಜಿಲ್ಲಾ ಕಾನೂನು ಸೇವೆಗಳ ಪ್ರಾಧಿಕಾರದಲ್ಲಿ ಅರೆ ಕಾಲಿಕ ಕಾನೂನು ಸ್ವಯಂ ಸೇವಕರಾಗಿ (ಪಿಎಲ್‌ವಿ) ಕಾರ್ಯನಿರ್ವಹಿಸಲು ಆಸಕ್ತ ಹೊಂದಿದ ಅಭ್ಯರ್ಥಿಗಳಿಂದ ಅರ್ಜಿ ಆಹ್ವಾನಿಸಲಾಗಿದೆ ಎಂದು ಅವರು ಹೇಳಿದ್ದಾರೆ.

ವೈದ್ಯಕೀಯ ಕ್ಷೇತ್ರದಲ್ಲಿ ಕೆಲಸ ಮಾಡುತ್ತಿರುವ ವೈದ್ಯರು, ಉಪನ್ಯಾಸಕ ಶಿಕ್ಷಕರು ವೃತ್ತಿಯಲ್ಲಿರುವ ವಿದ್ಯಾರ್ಥಿಗಳು, ಶಿಕ್ಷಣ ಕ್ಷೇತ್ರದಲ್ಲಿ ಸೇವೆಯಲ್ಲಿರುವ ಶಿಕ್ಷಕರು, ವಕೀಲರು, ವಿದ್ಯಾರ್ಥಿಗಳು, ಪ್ರಾಧ್ಯಾಪಕರು, ಸಾಮಾಜಿಕ ಕಾರ್ಯಕರ್ತರು ಸೇರಿದಂತೆ ಇತರರು ಅರ್ಜಿ ಸಲ್ಲಿಸಬಹುದಾಗಿದೆ.

ಅರ್ಹ ಅಭ್ಯರ್ಥಿಗಳು ಜಿಲ್ಲಾ ಕಾನೂನು ಸೇವೆಗಳ ಪ್ರಾಧಿಕಾರದ ಕಚೇರಿಯಿಂದ ಅರ್ಜಿ ನಮೂನೆಯನ್ನು ಪಡೆದು ಭರ್ತಿ ಮಾಡಿ

ಅಗತ್ಯ ದಾಖಲೆಗಳೊಂದಿಗೆ ಸಲ್ಲಿಸಬೇಕು.

ಹಾಗೂ ಬಳ್ಳಾರಿ ಜಿಲ್ಲಾ ಸಂಚಾಲಕರಿಗೆ ಕಾರ್ಯ ನಿರ್ವಹಿಸುತ್ತಿರುವ ಸಾರ್ವಜನಿಕ ಕಾನೂನು ಸೇವೆಗಳ ಮಾಹಿತಿಯನ್ನು ಹೊಂದಿರುವ ಪುರಾಣ ಹಾಗೂ ಮಾನವೀಯತೆಯಿಂದ, ಸನ್ನದ್ಧ ಹೊಂದಿದ ಕಾರ್ಯಕ್ಕೆ ಬದಲಿಗಳ ಮತ್ತು ಸಮಾಜದ ಸಂಘಗಳ ಸದಸ್ಯರು, ಅರೆ ಕಾಲಿಕ ಕಾನೂನು ಸೇವಕರಾಗಿ (ಪಿಎಲ್‌ವಿ) ಕಾರ್ಯನಿರ್ವಹಿಸಲು ಅರ್ಜಿ ಸಲ್ಲಿಸಬಹುದಾಗಿದೆ. ಅರ್ಜಿಯನ್ನು ದಿನಾಂಕ 2025ರ ಅಕ್ಟೋಬರ್ 06 ರ ಸಂಜೆ 5.30 ಗಂಟೆಯ ಒಳಗಾಗಿ ಜಿಲ್ಲಾ ಕಾನೂನು ಸೇವೆಗಳ ಪ್ರಾಧಿಕಾರದ ಕಚೇರಿ, ನ್ಯಾಯಾಲಯ ಸಂಕೀರ್ಣ, ಬಳ್ಳಾರಿ ಇಲ್ಲಿಗೆ ಸಲ್ಲಿಸಬೇಕು. ಹೆಚ್ಚಿನ ಮಾಹಿತಿಗಾಗಿ ಜಿಲ್ಲಾ ಕಾನೂನು ಸೇವೆಗಳ ಪ್ರಾಧಿಕಾರದ ಕಚೇರಿಯನ್ನು ಸಂಪರ್ಕಿಸಬಹುದು.

ಹೊಸಪೇಟೆ ಟೈಮ್ಸ್
ಕನ್ನಡ ದಿನಪತ್ರಿಕೆ ಆನ್‌ಲೈನ್‌ನಲ್ಲಿ ಮನೆಯಲ್ಲೇ ಕುಳಿತು ಮೊಬೈಲ್‌ನಲ್ಲಿ 'ಹೊಸಪೇಟೆ ಟೈಮ್ಸ್' ಪತ್ರಿಕೆ ಓದುವುದು, ಓದುಗರು, ಪತ್ರಿಕೆ ಓದಲು ಗೂಗಲ್ ಆಕ್ಷಿಸ್ ಭೇಟಿಯಾಗಿ
https://hospettimes.com/epaper
ಹೊಸಪೇಟೆ ಟೈಮ್ಸ್
ಕಚೇರಿ ವಿಳಾಸ
ಅಪೂರ್ವ ಆಫ್‌ಸೆಟ್ ಪ್ರಿಂಟರ್ಸ್
ಗುರು ಸನ್ನಿಧಾನದಂದ ಲೈನ್ಸ್ ಮೇನ್‌ಬಜಾರ್, ಹೊಸಪೇಟೆ
ಜಾಹೀರಾತುಗಳಿಗಾಗಿ ಸಂಪರ್ಕಿಸಿ
ಮುಖ್ಯ ಹಬ್ಬದ ಹುಟ್ಟುಹಬ್ಬಗಳು, ವಿವಾಹ ಪ್ರಯುಕ್ತ, ಸ್ವರ್ಣೋತ್ಸವಗಳು, ಪಂಚಾಂಗದ ಅನುಪಸ್ಥಿತಿ ಜಾಹೀರಾತುಗಳು, ಜೊತೆಯ ಪ್ರಸ್ತಾಪಗಳು, ಜನ್ಮ ತಿಥಿ, ಆಹ್ವಾನಪತ್ರಿಕೆಗಳು, ಪುಣ್ಯಸ್ಮರಣೆಗಳು, ಭಾವಚಿತ್ರಕ್ಕೆ ಹುಟ್ಟುಹಬ್ಬಗಳು, ಬೇಕಾಗಿದ್ದಾರೆ ಮಾರಾಟ, ಬಾಡಿಗೆ, ಇತ್ಯಾದಿಗಳಿಗೆ
9448441484
'ನೀವು ಬರೆಯಿರಿ'
ಹೊಸಪೇಟೆ ಟೈಮ್ಸ್ ಕನ್ನಡ ದಿನಪತ್ರಿಕೆ ಲೇಖನಗಳು, ಕವಿ ಚಿತ್ರಣ, ವ್ಯಕ್ತಿ ಪರಿಚಯ, ಹಾಸ್ಯ– ಸಿನಿಮಾ–ನಾಟಕ ವಿಮರ್ಶೆಗಳು,(150 ಪದ ಮೀರದಂತೆ) ಸಂಪಾದಕೀಯ ಪತ್ರ, ಮೂರುಗಳ, ಕುಂದು ಕೊರತೆಗಳ ಬಗ್ಗೆ ಬರೆದು ಕಳುಹಿಸಿ
ವಾಟ್ಸ್ ಆಪ್ ನಂ
94484 41484
99802 81752
ಇ–ಮೇಲ್ : hospettimes@gmail.com
ಹವಾಮಾನ
ಮಂಗಳ : ಗರಿಷ್ಠ :	40°,	ಕನಿಷ್ಠ :	29°
ಬುಧ : ಗರಿಷ್ಠ :	41°,	ಕನಿಷ್ಠ :	29°
ಹೊಸಪೇಟೆ			
ಮಂಗಳ : ಗರಿಷ್ಠ :	40°,	ಕನಿಷ್ಠ :	32°
ಬುಧ : ಗರಿಷ್ಠ :	41°,	ಕನಿಷ್ಠ :	30°
